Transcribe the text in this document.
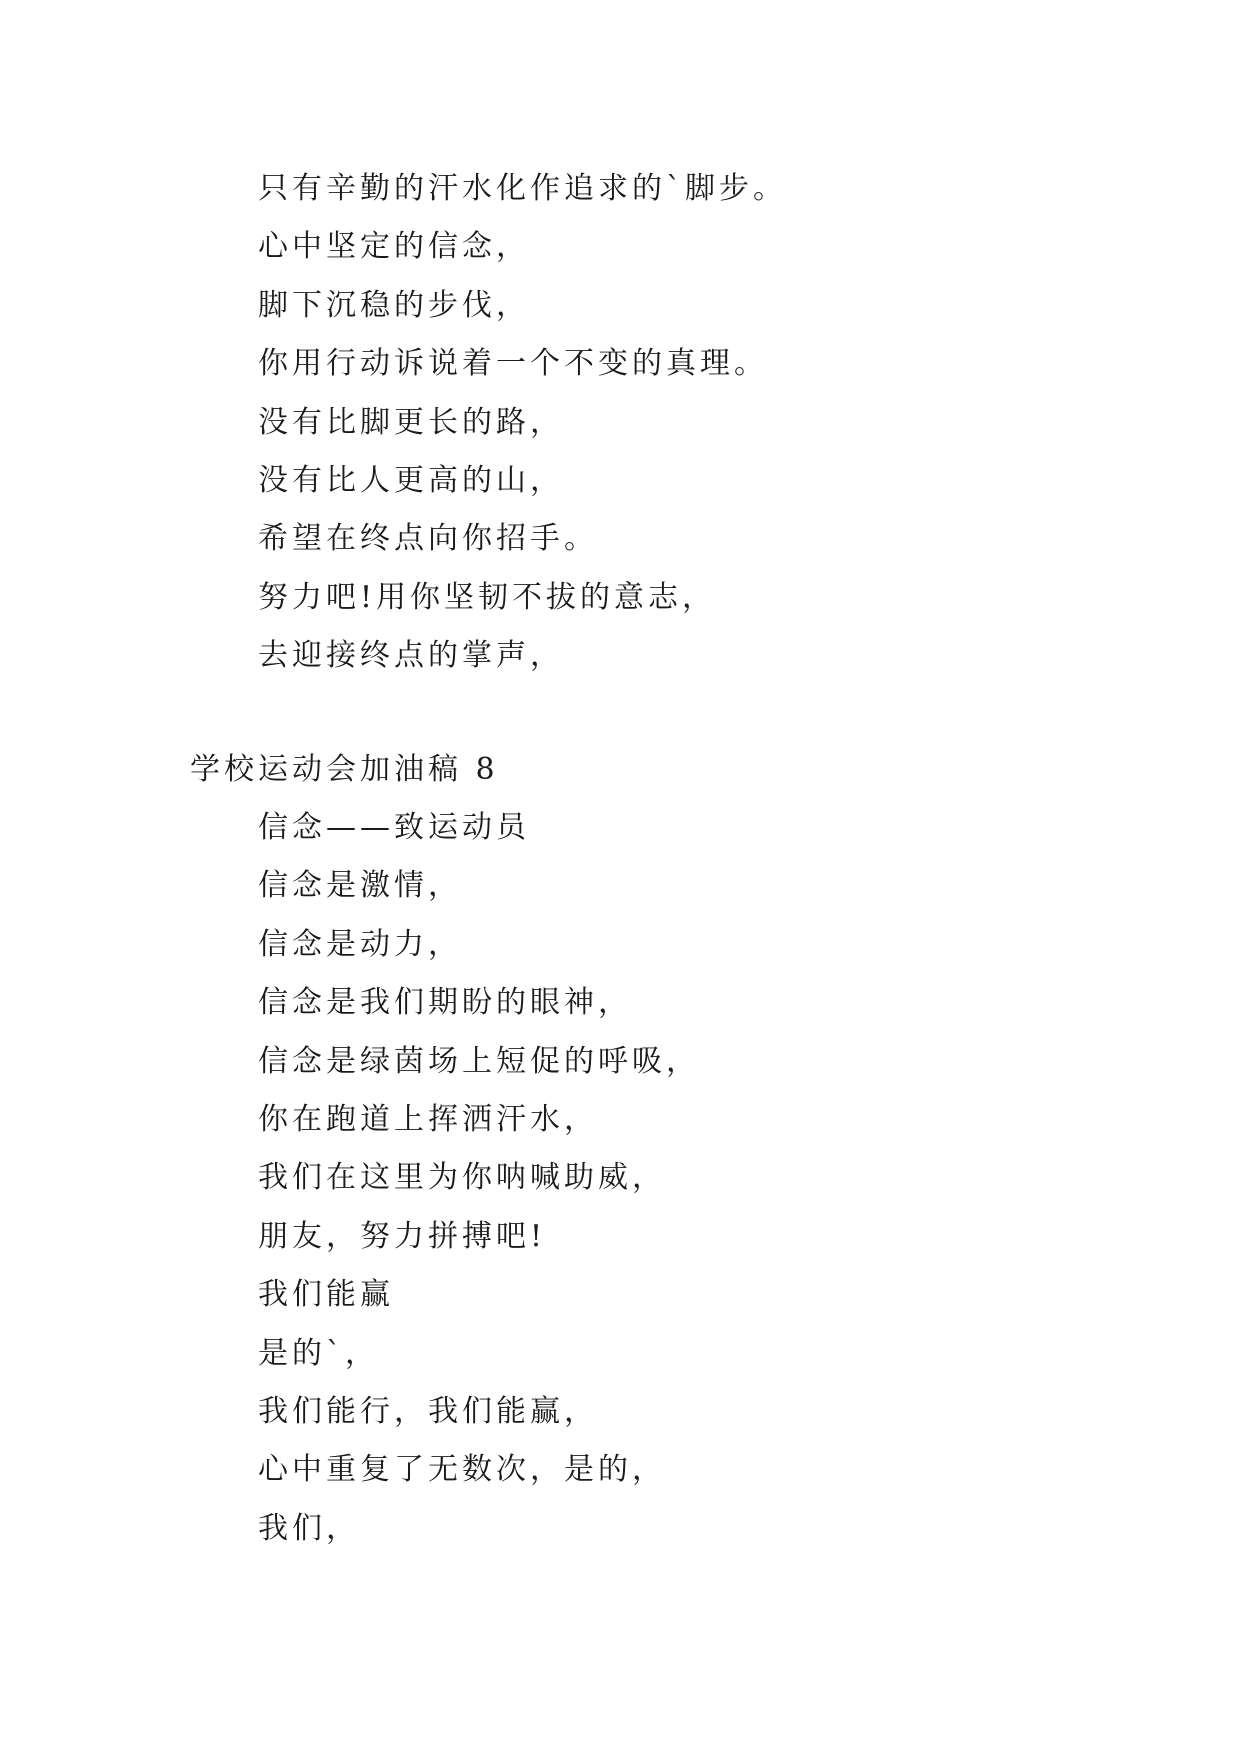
只有辛勤的汗水化作追求的`脚步。
心中坚定的信念，
脚下沉稳的步伐，
你用行动诉说着一个不变的真理。
没有比脚更长的路，
没有比人更高的山，
希望在终点向你招手。
努力吧!用你坚韧不拔的意志，
去迎接终点的掌声，
学校运动会加油稿 8
信念——致运动员
信念是激情，
信念是动力，
信念是我们期盼的眼神，
信念是绿茵场上短促的呼吸，
你在跑道上挥洒汗水，
我们在这里为你呐喊助威，
朋友，努力拼搏吧!
我们能赢
是的`，
我们能行，我们能赢，
心中重复了无数次，是的，
我们，
